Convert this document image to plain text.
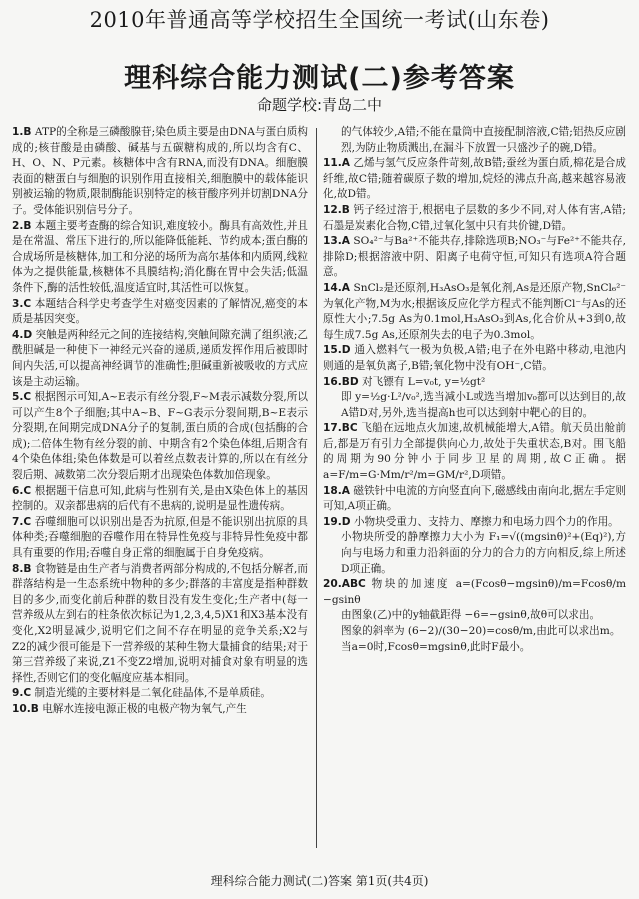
2010年普通高等学校招生全国统一考试(山东卷)
理科综合能力测试(二)参考答案
命题学校:青岛二中

1.B ATP的全称是三磷酸腺苷;染色质主要是由DNA与蛋白质构成的;核苷酸是由磷酸、碱基与五碳糖构成的,所以均含有C、H、O、N、P元素。核糖体中含有RNA,而没有DNA。细胞膜表面的糖蛋白与细胞的识别作用直接相关,细胞膜中的载体能识别被运输的物质,限制酶能识别特定的核苷酸序列并切割DNA分子。受体能识别信号分子。

2.B 本题主要考查酶的综合知识,难度较小。酶具有高效性,并且是在常温、常压下进行的,所以能降低能耗、节约成本;蛋白酶的合成场所是核糖体,加工和分泌的场所为高尔基体和内质网,线粒体为之提供能量,核糖体不具膜结构;消化酶在胃中会失活;低温条件下,酶的活性较低,温度适宜时,其活性可以恢复。

3.C 本题结合科学史考查学生对癌变因素的了解情况,癌变的本质是基因突变。

4.D 突触是两种经元之间的连接结构,突触间隙充满了组织液;乙酰胆碱是一种使下一神经元兴奋的递质,递质发挥作用后被即时间内失活,可以提高神经调节的准确性;胆碱重新被吸收的方式应该是主动运输。

5.C 根据图示可知,A~E表示有丝分裂,F~M表示减数分裂,所以可以产生8个子细胞;其中A~B、F~G表示分裂间期,B~E表示分裂期,在间期完成DNA分子的复制,蛋白质的合成(包括酶的合成);二倍体生物有丝分裂的前、中期含有2个染色体组,后期含有4个染色体组;染色体数是可以着丝点数表计算的,所以在有丝分裂后期、减数第二次分裂后期才出现染色体数加倍现象。

6.C 根据题干信息可知,此病与性别有关,是由X染色体上的基因控制的。双亲都患病的后代有不患病的,说明是显性遗传病。

7.C 吞噬细胞可以识别出是否为抗原,但是不能识别出抗原的具体种类;吞噬细胞的吞噬作用在特异性免疫与非特异性免疫中都具有重要的作用;吞噬自身正常的细胞属于自身免疫病。

8.B 食物链是由生产者与消费者两部分构成的,不包括分解者,而群落结构是一生态系统中物种的多少;群落的丰富度是指种群数目的多少,而变化前后种群的数目没有发生变化;生产者中(每一营养级从左到右的柱条依次标记为1,2,3,4,5)X1和X3基本没有变化,X2明显减少,说明它们之间不存在明显的竞争关系;X2与Z2的减少很可能是下一营养级的某种生物大量捕食的结果;对于第三营养级了来说,Z1不变Z2增加,说明对捕食对象有明显的选择性,否则它们的变化幅度应基本相同。

9.C 制造光缆的主要材料是二氧化硅晶体,不是单质硅。

10.B 电解水连接电源正极的电极产物为氧气,产生

的气体较少,A错;不能在量筒中直接配制溶液,C错;铝热反应剧烈,为防止物质溅出,在漏斗下放置一只盛沙子的碗,D错。

11.A 乙烯与氢气反应条件苛刻,故B错;蚕丝为蛋白质,棉花是合成纤维,故C错;随着碳原子数的增加,烷烃的沸点升高,越来越容易液化,故D错。

12.B 钙子经过溶于,根据电子层数的多少不同,对人体有害,A错;石墨是炭素化合物,C错,过氧化氢中只有共价键,D错。

13.A SO₄²⁻与Ba²⁺不能共存,排除选项B;NO₃⁻与Fe²⁺不能共存,排除D;根据溶液中阴、阳离子电荷守恒,可知只有选项A符合题意。

14.A SnCl₂是还原剂,H₃AsO₃是氧化剂,As是还原产物,SnCl₆²⁻为氧化产物,M为水;根据该反应化学方程式不能判断Cl⁻与As的还原性大小;7.5g As为0.1mol,H₃AsO₃到As,化合价从+3到0,故每生成7.5g As,还原剂失去的电子为0.3mol。

15.D 通入燃料气一极为负极,A错;电子在外电路中移动,电池内则通的是氧负离子,B错;氧化物中没有OH⁻,C错。

16.BD 对飞镖有 L=v₀t, y=½gt²

即 y=½g·L²/v₀²,选当减小L或选当增加v₀都可以达到目的,故A错D对,另外,选当提高h也可以达到射中靶心的目的。

17.BC 飞船在远地点火加速,故机械能增大,A错。航天员出舱前后,都是万有引力全部提供向心力,故处于失重状态,B对。围飞船的周期为90分钟小于同步卫星的周期,故C正确。据 a=F/m=G·Mm/r²/m=GM/r²,D项错。

18.A 磁铁针中电流的方向竖直向下,磁感线由南向北,据左手定则可知,A项正确。

19.D 小物块受重力、支持力、摩擦力和电场力四个力的作用。

小物块所受的静摩擦力大小为 F₁=√((mgsinθ)²+(Eq)²),方向与电场力和重力沿斜面的分力的合力的方向相反,综上所述D项正确。

20.ABC 物块的加速度 a=(Fcosθ−mgsinθ)/m=Fcosθ/m −gsinθ

由图象(乙)中的y轴截距得 −6=−gsinθ,故θ可以求出。

图象的斜率为 (6−2)/(30−20)=cosθ/m,由此可以求出m。

当a=0时,Fcosθ=mgsinθ,此时F最小。

理科综合能力测试(二)答案 第1页(共4页)
